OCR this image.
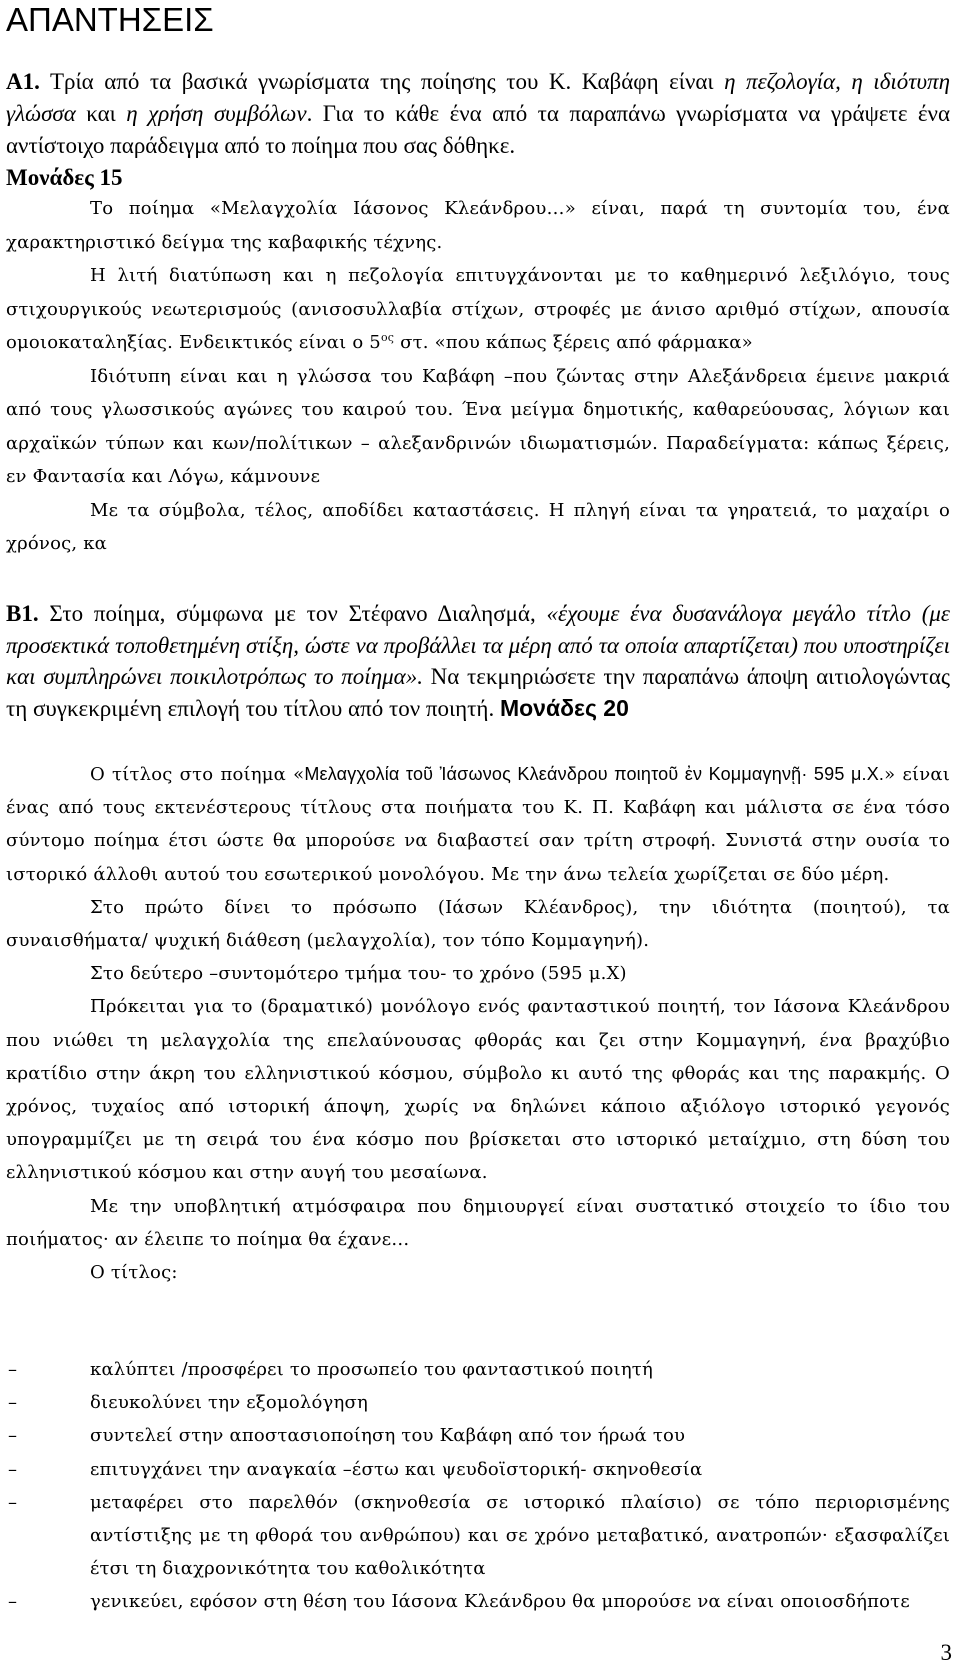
ΑΠΑΝΤΗΣΕΙΣ

Α1. Τρία από τα βασικά γνωρίσματα της ποίησης του Κ. Καβάφη είναι η πεζολογία, η ιδιότυπη γλώσσα και η χρήση συμβόλων. Για το κάθε ένα από τα παραπάνω γνωρίσματα να γράψετε ένα αντίστοιχο παράδειγμα από το ποίημα που σας δόθηκε.

Μονάδες 15

Το ποίημα «Μελαγχολία Ιάσονος Κλεάνδρου…» είναι, παρά τη συντομία του, ένα χαρακτηριστικό δείγμα της καβαφικής τέχνης.

Η λιτή διατύπωση και η πεζολογία επιτυγχάνονται με το καθημερινό λεξιλόγιο, τους στιχουργικούς νεωτερισμούς (ανισοσυλλαβία στίχων, στροφές με άνισο αριθμό στίχων, απουσία ομοιοκαταληξίας. Ενδεικτικός είναι ο $5^{o\varsigma}$ στ. «που κάπως ξέρεις από φάρμακα»

Ιδιότυπη είναι και η γλώσσα του Καβάφη –που ζώντας στην Αλεξάνδρεια έμεινε μακριά από τους γλωσσικούς αγώνες του καιρού του. Ένα μείγμα δημοτικής, καθαρεύουσας, λόγιων και αρχαϊκών τύπων και κων/πολίτικων – αλεξανδρινών ιδιωματισμών. Παραδείγματα: κάπως ξέρεις, εν Φαντασία και Λόγω, κάμνουνε

Με τα σύμβολα, τέλος, αποδίδει καταστάσεις. Η πληγή είναι τα γηρατειά, το μαχαίρι ο χρόνος, κα

Β1. Στο ποίημα, σύμφωνα με τον Στέφανο Διαλησμά, «έχουμε ένα δυσανάλογα μεγάλο τίτλο (με προσεκτικά τοποθετημένη στίξη, ώστε να προβάλλει τα μέρη από τα οποία απαρτίζεται) που υποστηρίζει και συμπληρώνει ποικιλοτρόπως το ποίημα». Να τεκμηριώσετε την παραπάνω άποψη αιτιολογώντας τη συγκεκριμένη επιλογή του τίτλου από τον ποιητή. Μονάδες 20

Ο τίτλος στο ποίημα «Μελαγχολία τοῦ Ἰάσωνος Κλεάνδρου ποιητοῦ ἐν Κομμαγηνῇ· 595 μ.Χ.» είναι ένας από τους εκτενέστερους τίτλους στα ποιήματα του Κ. Π. Καβάφη και μάλιστα σε ένα τόσο σύντομο ποίημα έτσι ώστε θα μπορούσε να διαβαστεί σαν τρίτη στροφή. Συνιστά στην ουσία το ιστορικό άλλοθι αυτού του εσωτερικού μονολόγου. Με την άνω τελεία χωρίζεται σε δύο μέρη.

Στο πρώτο δίνει το πρόσωπο (Ιάσων Κλέανδρος), την ιδιότητα (ποιητού), τα συναισθήματα/ ψυχική διάθεση (μελαγχολία), τον τόπο Κομμαγηνή).

Στο δεύτερο –συντομότερο τμήμα του- το χρόνο (595 μ.Χ)

Πρόκειται για το (δραματικό) μονόλογο ενός φανταστικού ποιητή, τον Ιάσονα Κλεάνδρου που νιώθει τη μελαγχολία της επελαύνουσας φθοράς και ζει στην Κομμαγηνή, ένα βραχύβιο κρατίδιο στην άκρη του ελληνιστικού κόσμου, σύμβολο κι αυτό της φθοράς και της παρακμής. Ο χρόνος, τυχαίος από ιστορική άποψη, χωρίς να δηλώνει κάποιο αξιόλογο ιστορικό γεγονός υπογραμμίζει με τη σειρά του ένα κόσμο που βρίσκεται στο ιστορικό μεταίχμιο, στη δύση του ελληνιστικού κόσμου και στην αυγή του μεσαίωνα.

Με την υποβλητική ατμόσφαιρα που δημιουργεί είναι συστατικό στοιχείο το ίδιο του ποιήματος· αν έλειπε το ποίημα θα έχανε…

Ο τίτλος:

–	καλύπτει /προσφέρει το προσωπείο του φανταστικού ποιητή
–	διευκολύνει την εξομολόγηση
–	συντελεί στην αποστασιοποίηση του Καβάφη από τον ήρωά του
–	επιτυγχάνει την αναγκαία –έστω και ψευδοϊστορική- σκηνοθεσία
–	μεταφέρει στο παρελθόν (σκηνοθεσία σε ιστορικό πλαίσιο) σε τόπο περιορισμένης αντίστιξης με τη φθορά του ανθρώπου) και σε χρόνο μεταβατικό, ανατροπών· εξασφαλίζει έτσι τη διαχρονικότητα του καθολικότητα
–	γενικεύει, εφόσον στη θέση του Ιάσονα Κλεάνδρου θα μπορούσε να είναι οποιοσδήποτε
3
